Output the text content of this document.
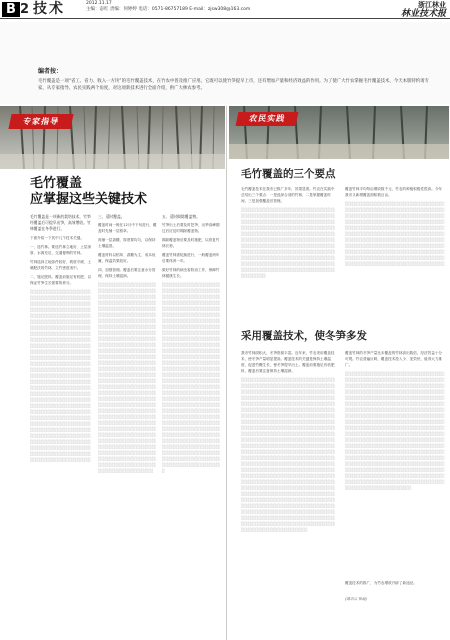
B 2 技术	2012.11.17
主编：宓红 责编：何婷婷 电话：0571-86757189 E-mail：zjsw308@163.com
浙江林业
林业技术报
编者按：
毛竹覆盖是一项“省工、省力、收入一方块”的毛竹覆盖技术，在竹农中普及推广应用。它既可以使竹笋提早上市，还有增加产量和经济效益的作用。为了使广大竹农掌握毛竹覆盖技术，今天本版特约请专家，从专家指导、农民实践两个角度，对这项新技术进行全面介绍，供广大林农参考。
专家指导
毛竹覆盖
应掌握这些关键技术
毛竹覆盖是一项新的栽培技术，竹笋经覆盖后可提早出笋，高效增收。竹林覆盖在冬季进行。
下面介绍一下其中几个技术关键。
一、选竹林。要选竹林立地好、土层深厚、水源充足、交通便利的竹林。
竹林选择立地条件较好、坡度平缓、土壤肥沃的竹林，立竹密度适中。
二、施足肥料。覆盖前施足有机肥，以保证竹笋生长需要的养分。
░░░░░░░░░░░░░░░░░░░░░░░░░░░░░░░░░░░░░░░░░░░░░░░░░░░░░░░░░░░░░░░░░░░░░░░░░░░░░░░░░░░░░░░░░░░░░░░░░░░░░░░░░░░░░░░░░░░░░░░░░░░░░░░░░░░░░░░░░░░░░░░░░░░░░░░░░░░░░░░░░░░░░░░░░░░░░░░░░░░░░░░░░░░░░░░░░░░░░░░░░░░░░░░░░░░░░░░░░░░░░░░░░░░░░░░░░░░░░░░░░░░░░░░░░░░░░░░░░░░░░░░░░░░░░░░░░░░░░░░░░░░░░░░░░░░░░░░░░░░░░░░░░░░░░░░░░░░░░░░░░░░░░░░░░░░░░░░░░░░░░░░░░░░░░░░░░░░░░░░░░░░░░░░░░░░░░░░░░░░░░░░░░░░░░░░░░░░░░░░░░░░░░░░░░░░░░░░░░░░░░░░░░░░░░░░░░░░░░░░░░░░░░░░░░░░░░░░░░░░░░░░░░░░░░░░░░░░░░░░░░░░░░░░░░░░░░░░░░░░░░░░░░░░░░░░░░░░░░░░░░░░░░░░░░░░░░░░░░░░░░░░░░░░░░░░░░░░░░░░░░░░░░░░░░░░░░░░░░░░░░░░░░░░░░░░░░░░░░░░░░░░░░░░░░░░░░░░░░░░░░░░░░░░░░░░░░░░░░░
三、适时覆盖。
覆盖时间一般在12月中下旬进行，覆盖时先铺一层稻草。
再铺一层砻糠，厚度要均匀，以保持土壤温度。
覆盖材料以稻草、砻糠为主，成本低廉，保温效果较好。
四、加强管理。覆盖后要注意水分管理，保持土壤湿润。
░░░░░░░░░░░░░░░░░░░░░░░░░░░░░░░░░░░░░░░░░░░░░░░░░░░░░░░░░░░░░░░░░░░░░░░░░░░░░░░░░░░░░░░░░░░░░░░░░░░░░░░░░░░░░░░░░░░░░░░░░░░░░░░░░░░░░░░░░░░░░░░░░░░░░░░░░░░░░░░░░░░░░░░░░░░░░░░░░░░░░░░░░░░░░░░░░░░░░░░░░░░░░░░░░░░░░░░░░░░░░░░░░░░░░░░░░░░░░░░░░░░░░░░░░░░░░░░░░░░░░░░░░░░░░░░░░░░░░░░░░░░░░░░░░░░░░░░░░░░░░░░░░░░░░░░░░░░░░░░░░░░░░░░░░░░░░░░░░░░░░░░░░░░░░░░░░░░░░░░░░░░░░░░░░░░░░░░░░░░░░░░░░░░░░░░░░░░░░░░░░░░░░░░░░░░░░░░░░░░░░░░░░░░░░░░░░░░░░░░░░░░░░░░░░░░░░░░░░░░░░░░░░░░░░░░░░░░░░░░░░░░░░░░░░░░░░░░░░░░░░░░░░░░░░░░░░░░░░░░░░░░░░░░░░░░░░░░░░░░░░░░░░░░░░░░░░░░░░░░░░░░░░░░░░░░░░░░░░░░░░░░░░░░░░░░░░░░░░░░░░░░░░░░░░░░░░░░░░░░░░░░░░░░░░░░░░░░░░░░░░░░░░░░░░░░░░░░░░░░░░░░░░░░░░░░
五、适时揭除覆盖物。
竹笋出土后要及时挖笋，出笋高峰期过后应及时揭除覆盖物。
揭除覆盖物后要及时施肥，以恢复竹林长势。
覆盖竹林需轮换进行，一般覆盖两年后要休养一年。
做好竹林的病虫害防治工作，保障竹林健康生长。
░░░░░░░░░░░░░░░░░░░░░░░░░░░░░░░░░░░░░░░░░░░░░░░░░░░░░░░░░░░░░░░░░░░░░░░░░░░░░░░░░░░░░░░░░░░░░░░░░░░░░░░░░░░░░░░░░░░░░░░░░░░░░░░░░░░░░░░░░░░░░░░░░░░░░░░░░░░░░░░░░░░░░░░░░░░░░░░░░░░░░░░░░░░░░░░░░░░░░░░░░░░░░░░░░░░░░░░░░░░░░░░░░░░░░░░░░░░░░░░░░░░░░░░░░░░░░░░░░░░░░░░░░░░░░░░░░░░░░░░░░░░░░░░░░░░░░░░░░░░░░░░░░░░░░░░░░░░░░░░░░░░░░░░░░░░░░░░░░░░░░░░░░░░░░░░░░░░░░░░░░░░░░░░░░░░░░░░░░░░░░░░░░░░░░░░░░░░░░░░░░░░░░░░░░░░░░░░░░░░░░░░░░░░░░░░░░░░░░░░░░░░░░░░░░░░░░░░░░░░░░░░░░░░░░░░░░░░░░░░░░░░░░░░░░░░░░░░░░░░░░░░░░░░░░░░░░░░░░░░░░░░░░░░░░░░░░░░░░░░░░░░░░░░░░░░░░░░░░░░░░░░░░░░░░░░░░░░░░░░░░░░░░░░░░░░░░░░░░░░░░░░░░░░░░░░░░░░░░░░░░░░░░░░░░░░░░░░░░░░░░░░░░░░░░░░░
农民实践
毛竹覆盖的三个要点
毛竹覆盖技术在我市已推广多年，效果显著。竹农在实践中总结出三个要点：一是选择合适的竹林，二是掌握覆盖时间，三是加强覆盖后管理。
░░░░░░░░░░░░░░░░░░░░░░░░░░░░░░░░░░░░░░░░░░░░░░░░░░░░░░░░░░░░░░░░░░░░░░░░░░░░░░░░░░░░░░░░░░░░░░░░░░░░░░░░░░░░░░░░░░░░░░░░░░░░░░░░░░░░░░░░░░░░░░░░░░░░░░░░░░░░░░░░░░░░░░░░░░░░░░░░░░░░░░░░░░░░░░░░░░░░░░░░░░░░░░░░░░░░░░░░░░░░░░░░░░░░░░░░░░░░░░░░░░░░░░░░░░░░░░░░░░░░░░░░░░░░░░░░░░░░░░░░░░░░░░░░░░░░░░░░░░░░░░░░░░░░░░░░░░░░░░░░░░░░░░░░░░░░░░░░░░░░░░░░░░░░░░░░░░░░░░░░░░░░░░░░░░░░░░░░░░░░░░░
覆盖竹林平均每亩增收数千元，竹农的种植积极性很高。今年我市又新增覆盖面积数百亩。
░░░░░░░░░░░░░░░░░░░░░░░░░░░░░░░░░░░░░░░░░░░░░░░░░░░░░░░░░░░░░░░░░░░░░░░░░░░░░░░░░░░░░░░░░░░░░░░░░░░░░░░░░░░░░░░░░░░░░░░░░░░░░░░░░░░░░░░░░░░░░░░░░░░░░░░░░░░░░░░░░░░░░░░░░░░░░░░░░░░░░░░░░░░░░░░░░░░░░░░░░░░░░░░░░░░░░░░░░░░░░░░░░░░░░░░░░░░░░░░░░░░░░░░░░░░░░░░░░░░░░░░░░░░░░░░░░░░░░░░░░░░░░░░░░░░░░░░░░░░░░░░░░░░░░░░░░░░░░░░░░░░░░░░░░░░░░░░░░░░░░░░░░░░░░░░░░░░░░░░░░░░░░░░░░░░░░░░░░░░░░░░░░░░░░░░░░░░░
采用覆盖技术，使冬笋多发
我市竹林面积大，冬笋资源丰富。近年来，竹农采用覆盖技术，使冬笋产量明显提高。覆盖技术的关键是保持土壤温度，促进竹鞭生长，使冬笋提早出土。覆盖前要施足有机肥料，覆盖后要注意保持土壤湿润。
░░░░░░░░░░░░░░░░░░░░░░░░░░░░░░░░░░░░░░░░░░░░░░░░░░░░░░░░░░░░░░░░░░░░░░░░░░░░░░░░░░░░░░░░░░░░░░░░░░░░░░░░░░░░░░░░░░░░░░░░░░░░░░░░░░░░░░░░░░░░░░░░░░░░░░░░░░░░░░░░░░░░░░░░░░░░░░░░░░░░░░░░░░░░░░░░░░░░░░░░░░░░░░░░░░░░░░░░░░░░░░░░░░░░░░░░░░░░░░░░░░░░░░░░░░░░░░░░░░░░░░░░░░░░░░░░░░░░░░░░░░░░░░░░░░░░░░░░░░░░░░░░░░░░░░░░░░░░░░░░░░░░░░░░░░░░░░░░░░░░░░░░░░░░░░░░░░░░░░░░░░░░░░░░░░░░░░░░░░░░░░░░░░░░░░░░░░░░░░░░░░░░░░░░░░░░░░░░░░░░░░░░░░░░░░░░░░░░░░░░░░░░░░░░░░░░░░░░░░░░░░░░░░░░░░░░░░░░░░░░░░░░░░░░░░░░░░░░░░░░░░░░░░░░░░░░░░░░░░░░░░░░░░░░░░░░░░░░░░░░░░░░░░░░░░░░░░░░░░░░░░░░░░░░░░░░░░░░░░░░░░░░░░░░░░░░░░░░░░░░░░░░░░░░░░░░░░░░░░░░░░░░░░░░░░░░░░░░░░░░░░░░░░░░░░░░░░░░░░░░░░░░░░░░░░░░░░░░░░░░░░░░░░░░░░░░░░░░░░░░░░░░░░░░░░░░░░░░░░░░░░░░░░░░░░░░░░░░░░░░░░░░░░░░░░░░░░░░░░░░░░░░░░░░░░░░░░░░░░░░░░░░░░░░░░░░░░░░░░░░░░░░░░░░░░░░░░░░░░░░░░░░░░░░░░░░░░░░░░░░░░░░░░░░░░░░░░░░░░░░░░░░░░░░░░░░░░
覆盖竹林的冬笋产量比未覆盖的竹林高出数倍，经济效益十分可观。竹农普遍反映，覆盖技术投入少、见效快，值得大力推广。
░░░░░░░░░░░░░░░░░░░░░░░░░░░░░░░░░░░░░░░░░░░░░░░░░░░░░░░░░░░░░░░░░░░░░░░░░░░░░░░░░░░░░░░░░░░░░░░░░░░░░░░░░░░░░░░░░░░░░░░░░░░░░░░░░░░░░░░░░░░░░░░░░░░░░░░░░░░░░░░░░░░░░░░░░░░░░░░░░░░░░░░░░░░░░░░░░░░░░░░░░░░░░░░░░░░░░░░░░░░░░░░░░░░░░░░░░░░░░░░░░░░░░░░░░░░░░░░░░░░░░░░░░░░░░░░░░░░░░░░░░░░░░░░░░░░░░░░░░░░░░░░░░░░░░░░░░░░░░░░░░░░░░░░░░░░░░░░░░░░░░░░░░░░░░░░░░░░░░░░░░░░░░░░░░░░░░░░░░░░░░░░░░░░░░░░░░░░░░░░░░░░░░░░░░░░░░░░░░░░░░░░░░░░░░░░░░░░░░░░░░░░░░░░░░░░░░░░░░░░░░░░░░░░░░░░░░░░░░░░░░░░░░░░░░░░░░░░░░░░░░░░░░░░░░░░░░░░░░░░░░░░░░░░░░░░░░░░░░░░░░░░░░░░░░░░░░░░░░░░░░░░░░░░░░░░░░░░░░░░░░░░░░░░░░░░░░░░░░░░░░░░░░░░░░░░░░░░░░░░░░░░░░░░░░░░░░░░░░░░░░░░░░░░░░░░░░░░░░░░░░░░░░░░░░░░░░░░░░░░░░░░░░░░░░░░░░░░░░░░░░░░░░░░░
覆盖技术的推广，为竹农增收开辟了新途径。
(通讯员 报道)
